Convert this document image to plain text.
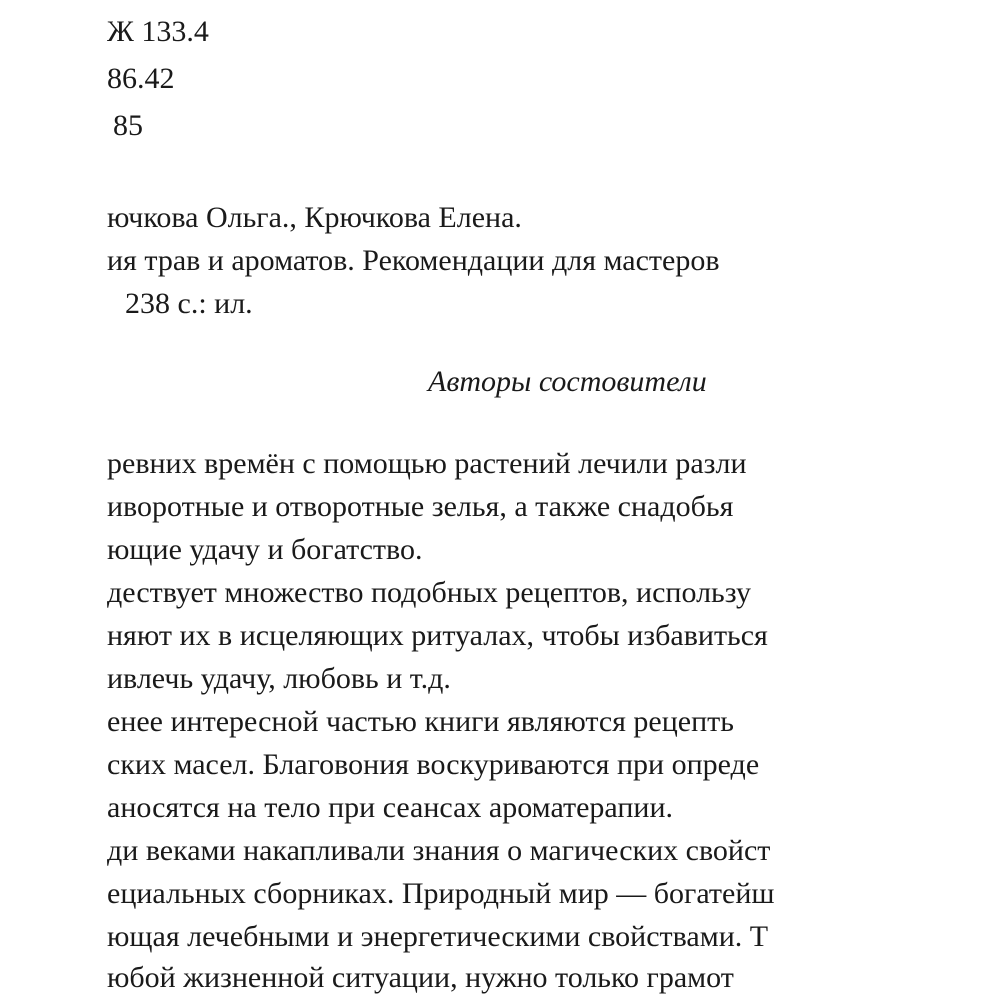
Ж 133.4
86.42
85
ючкова Ольга., Крючкова Елена.
ия трав и ароматов. Рекомендации для мастеров
238 с.: ил.
Авторы состовители
ревних времён с помощью растений лечили разли
иворотные и отворотные зелья, а также снадобья
ющие удачу и богатство.
дествует множество подобных рецептов, использу
няют их в исцеляющих ритуалах, чтобы избавиться
ивлечь удачу, любовь и т.д.
енее интересной частью книги являются рецепть
ских масел. Благовония воскуриваются при опреде
аносятся на тело при сеансах ароматерапии.
ди веками накапливали знания о магических свойст
ециальных сборниках. Природный мир — богатейш
ющая лечебными и энергетическими свойствами. Т
юбой жизненной ситуации, нужно только грамот
